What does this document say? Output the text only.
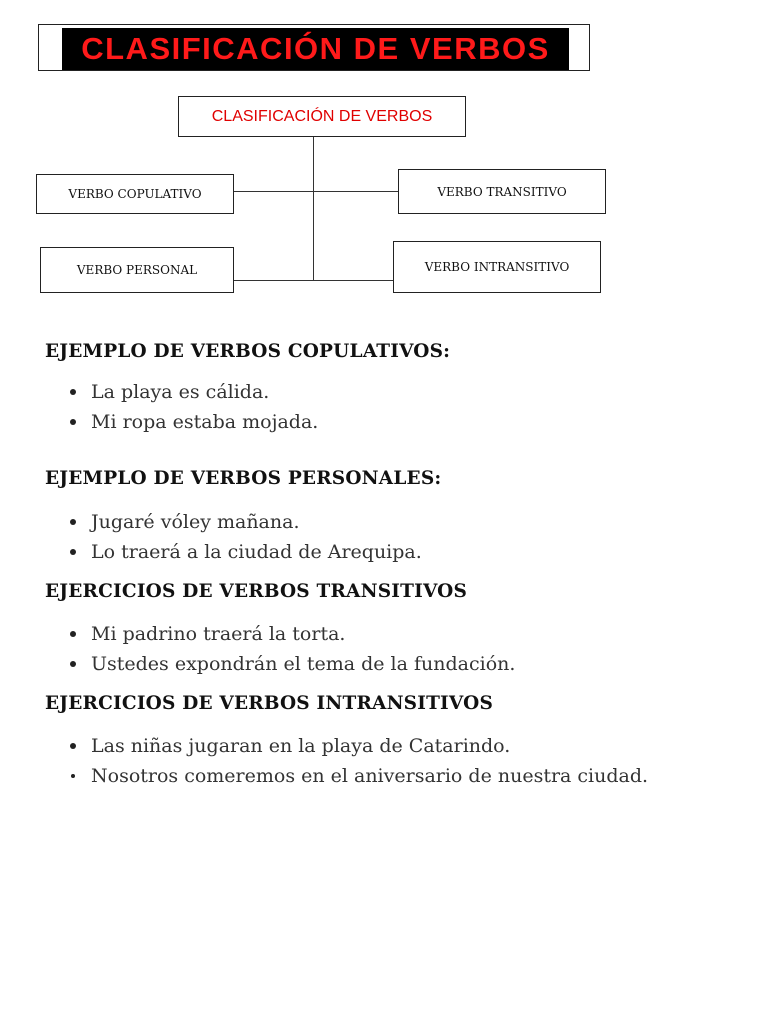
CLASIFICACIÓN DE VERBOS
CLASIFICACIÓN DE VERBOS
VERBO COPULATIVO	VERBO TRANSITIVO
VERBO PERSONAL	VERBO INTRANSITIVO
EJEMPLO DE VERBOS COPULATIVOS:
La playa es cálida.
Mi ropa estaba mojada.
EJEMPLO DE VERBOS PERSONALES:
Jugaré vóley mañana.
Lo traerá a la ciudad de Arequipa.
EJERCICIOS DE VERBOS TRANSITIVOS
Mi padrino traerá la torta.
Ustedes expondrán el tema de la fundación.
EJERCICIOS DE VERBOS INTRANSITIVOS
Las niñas jugaran en la playa de Catarindo.
Nosotros comeremos en el aniversario de nuestra ciudad.
